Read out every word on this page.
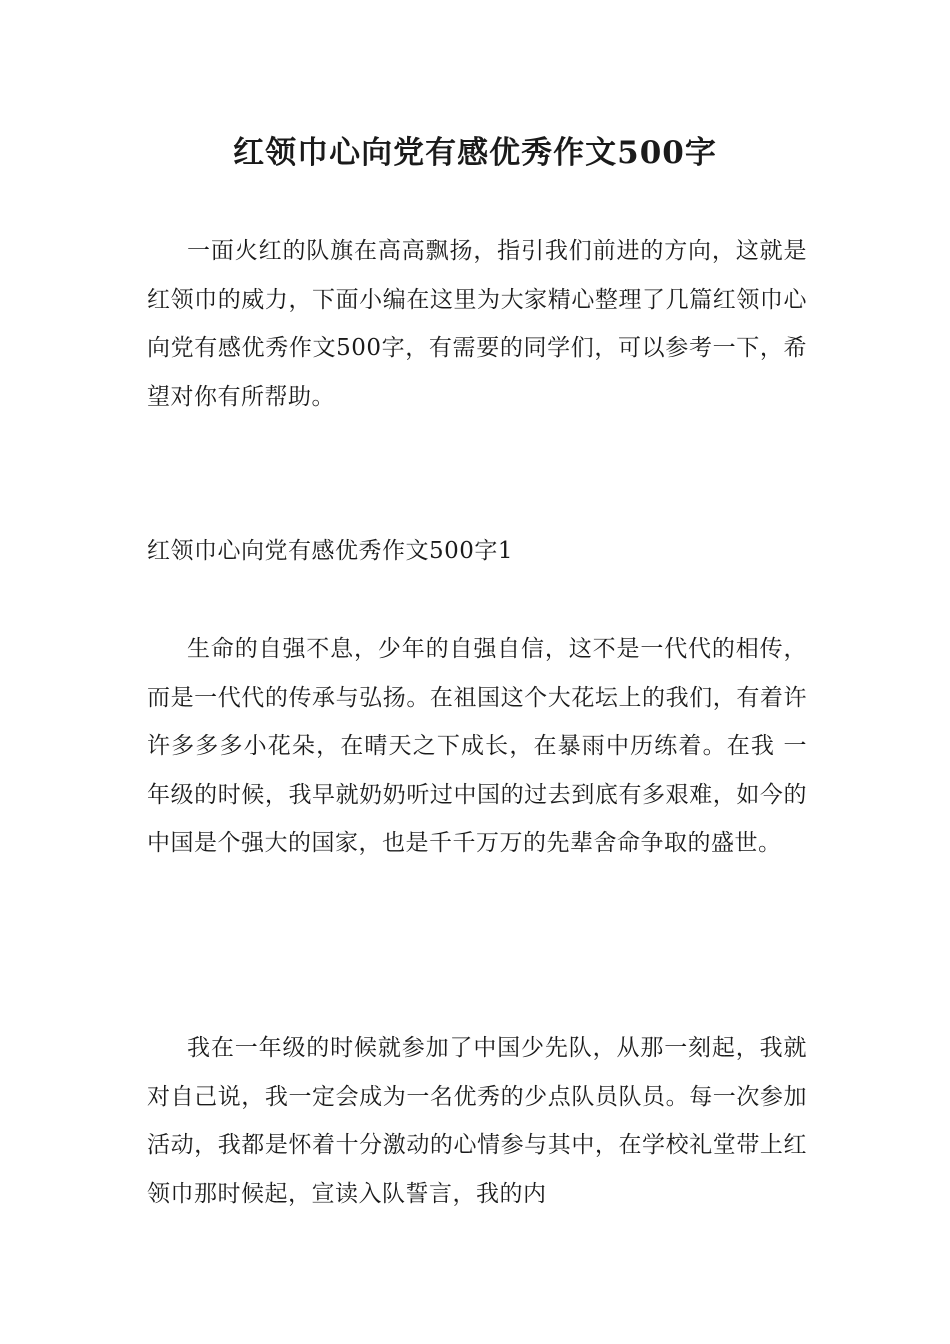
红领巾心向党有感优秀作文500字

一面火红的队旗在高高飘扬，指引我们前进的方向，这就是红领巾的威力，下面小编在这里为大家精心整理了几篇红领巾心向党有感优秀作文500字，有需要的同学们，可以参考一下，希望对你有所帮助。

红领巾心向党有感优秀作文500字1

生命的自强不息，少年的自强自信，这不是一代代的相传，而是一代代的传承与弘扬。在祖国这个大花坛上的我们，有着许许多多多小花朵，在晴天之下成长，在暴雨中历练着。在我 一年级的时候，我早就奶奶听过中国的过去到底有多艰难，如今的中国是个强大的国家，也是千千万万的先辈舍命争取的盛世。

我在一年级的时候就参加了中国少先队，从那一刻起，我就对自己说，我一定会成为一名优秀的少点队员队员。每一次参加活动，我都是怀着十分激动的心情参与其中，在学校礼堂带上红领巾那时候起，宣读入队誓言，我的内
